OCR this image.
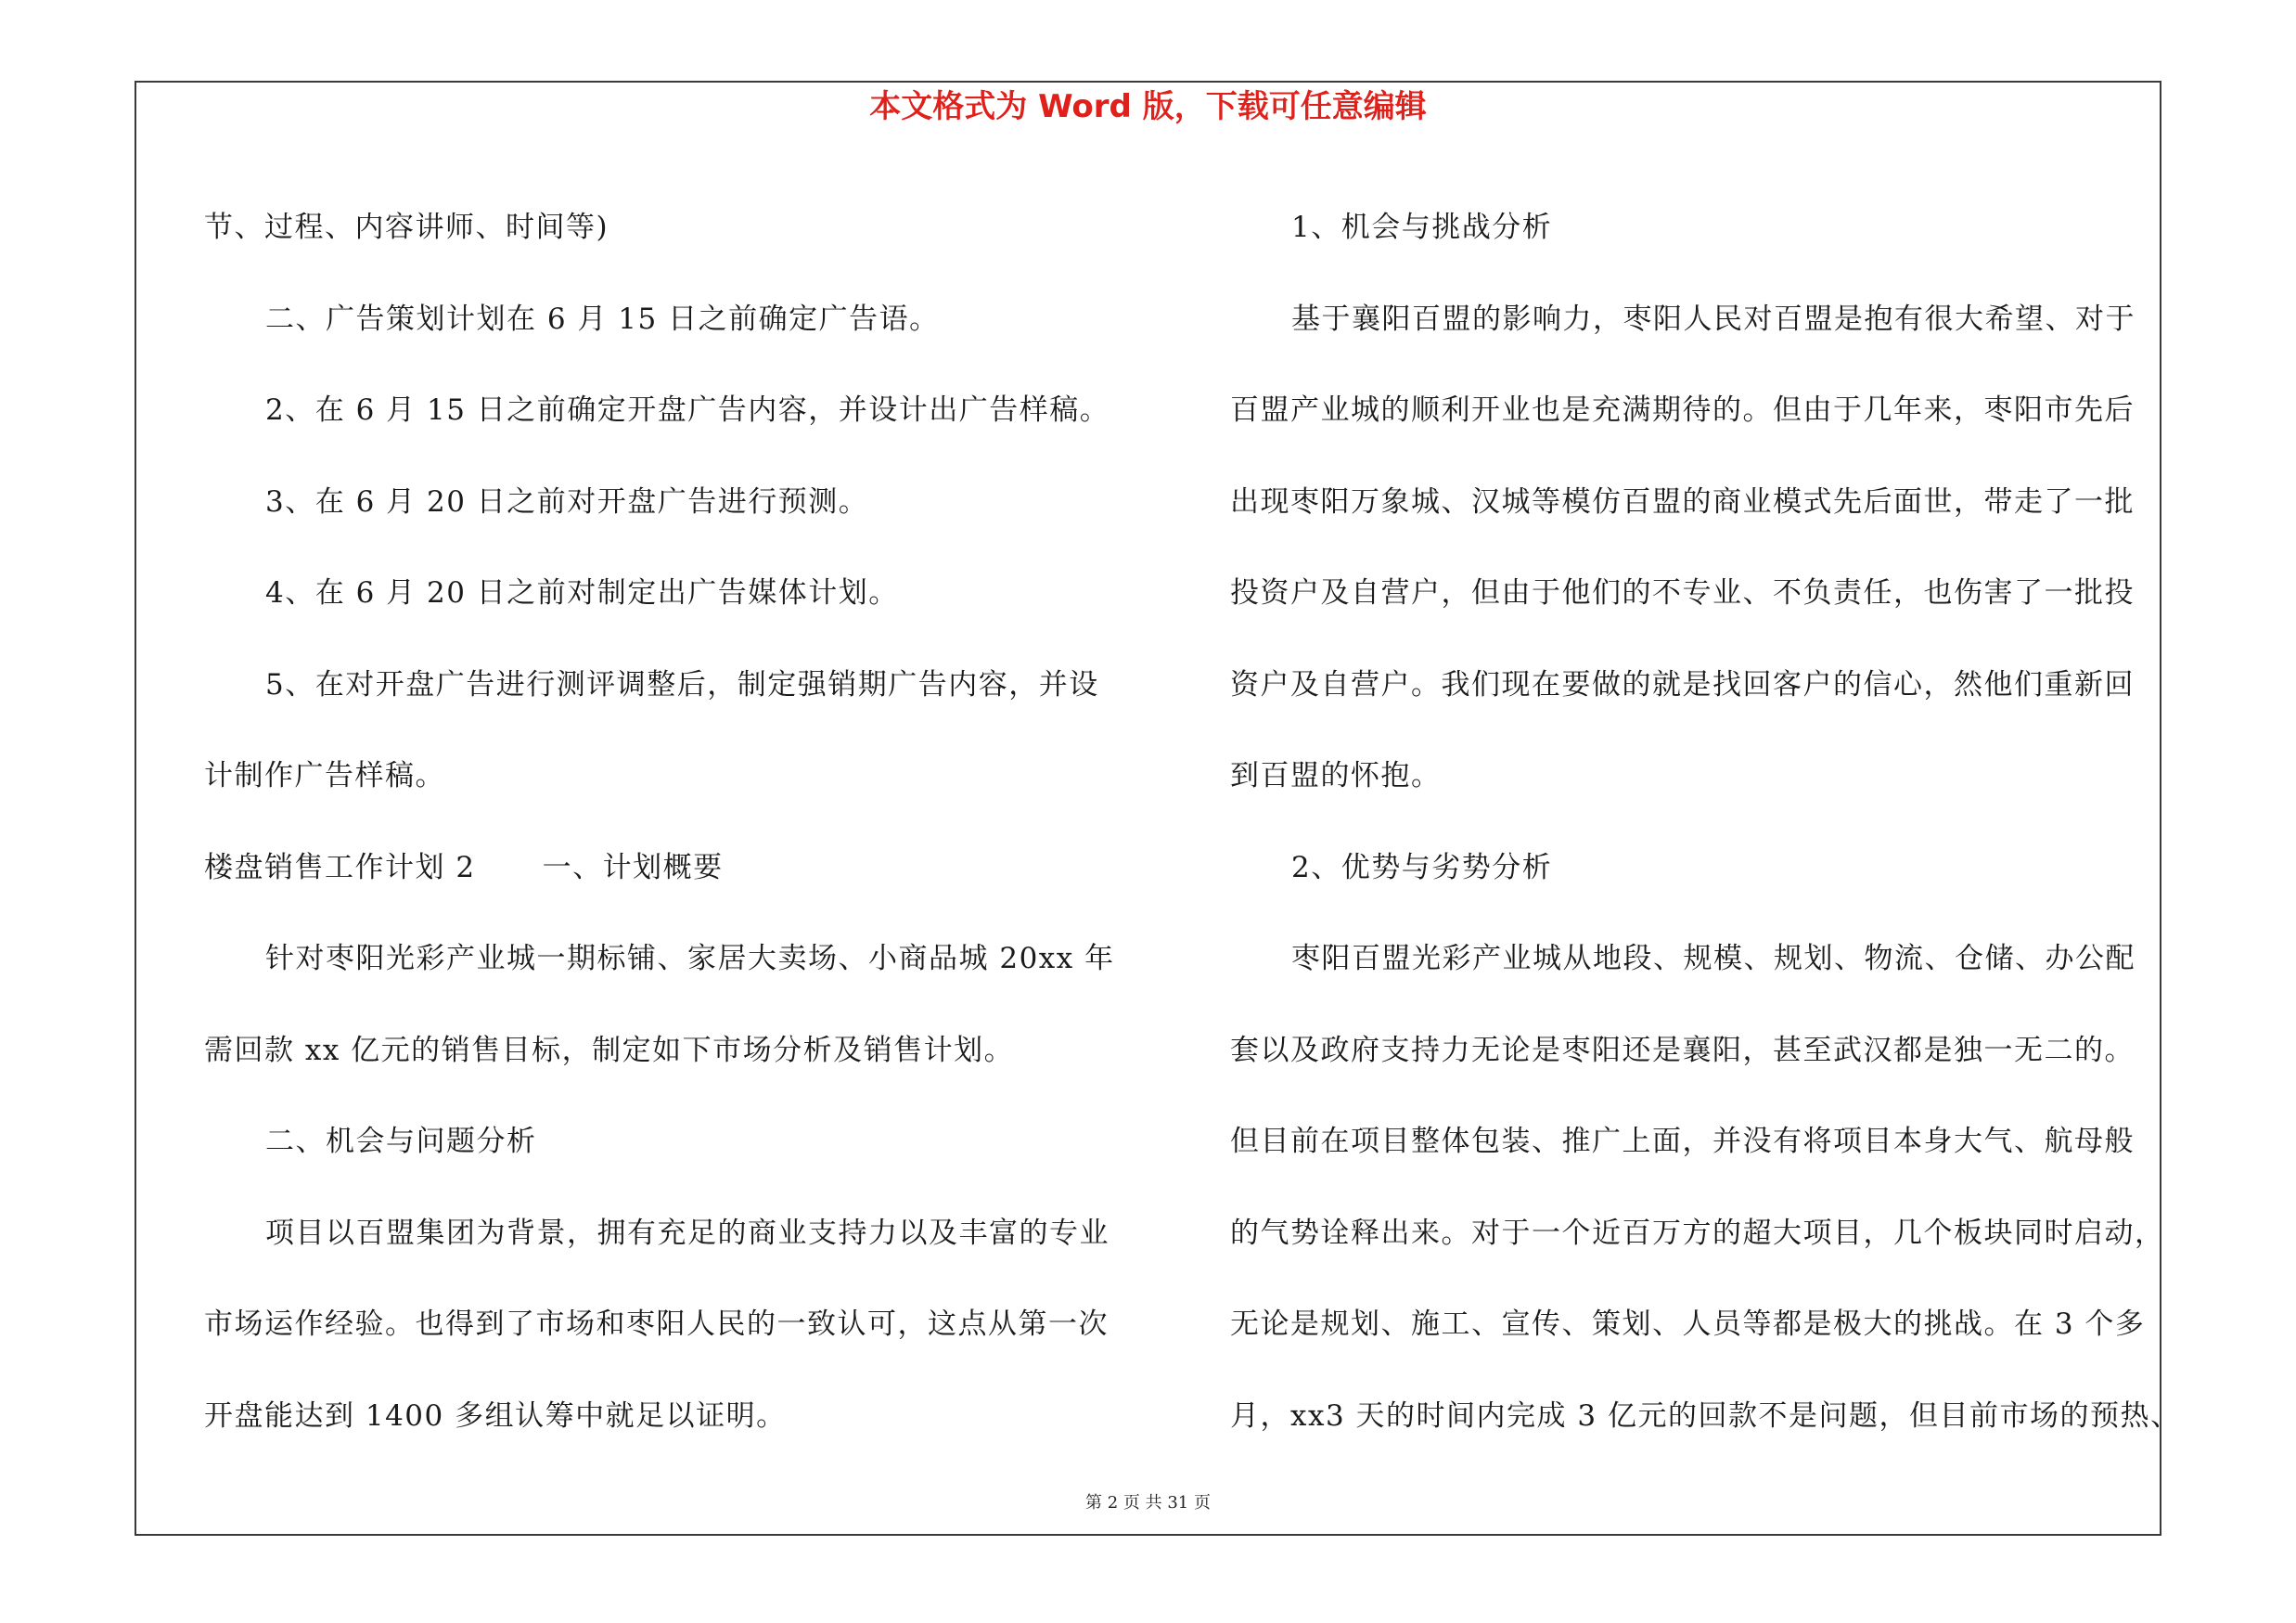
本文格式为 Word 版，下载可任意编辑

节、过程、内容讲师、时间等)

二、广告策划计划在 6 月 15 日之前确定广告语。

2、在 6 月 15 日之前确定开盘广告内容，并设计出广告样稿。

3、在 6 月 20 日之前对开盘广告进行预测。

4、在 6 月 20 日之前对制定出广告媒体计划。

5、在对开盘广告进行测评调整后，制定强销期广告内容，并设

计制作广告样稿。

楼盘销售工作计划 2 一、计划概要

针对枣阳光彩产业城一期标铺、家居大卖场、小商品城 20xx 年

需回款 xx 亿元的销售目标，制定如下市场分析及销售计划。

二、机会与问题分析

项目以百盟集团为背景，拥有充足的商业支持力以及丰富的专业

市场运作经验。也得到了市场和枣阳人民的一致认可，这点从第一次

开盘能达到 1400 多组认筹中就足以证明。

1、机会与挑战分析

基于襄阳百盟的影响力，枣阳人民对百盟是抱有很大希望、对于

百盟产业城的顺利开业也是充满期待的。但由于几年来，枣阳市先后

出现枣阳万象城、汉城等模仿百盟的商业模式先后面世，带走了一批

投资户及自营户，但由于他们的不专业、不负责任，也伤害了一批投

资户及自营户。我们现在要做的就是找回客户的信心，然他们重新回

到百盟的怀抱。

2、优势与劣势分析

枣阳百盟光彩产业城从地段、规模、规划、物流、仓储、办公配

套以及政府支持力无论是枣阳还是襄阳，甚至武汉都是独一无二的。

但目前在项目整体包装、推广上面，并没有将项目本身大气、航母般

的气势诠释出来。对于一个近百万方的超大项目，几个板块同时启动，

无论是规划、施工、宣传、策划、人员等都是极大的挑战。在 3 个多

月，xx3 天的时间内完成 3 亿元的回款不是问题，但目前市场的预热、

第 2 页 共 31 页
